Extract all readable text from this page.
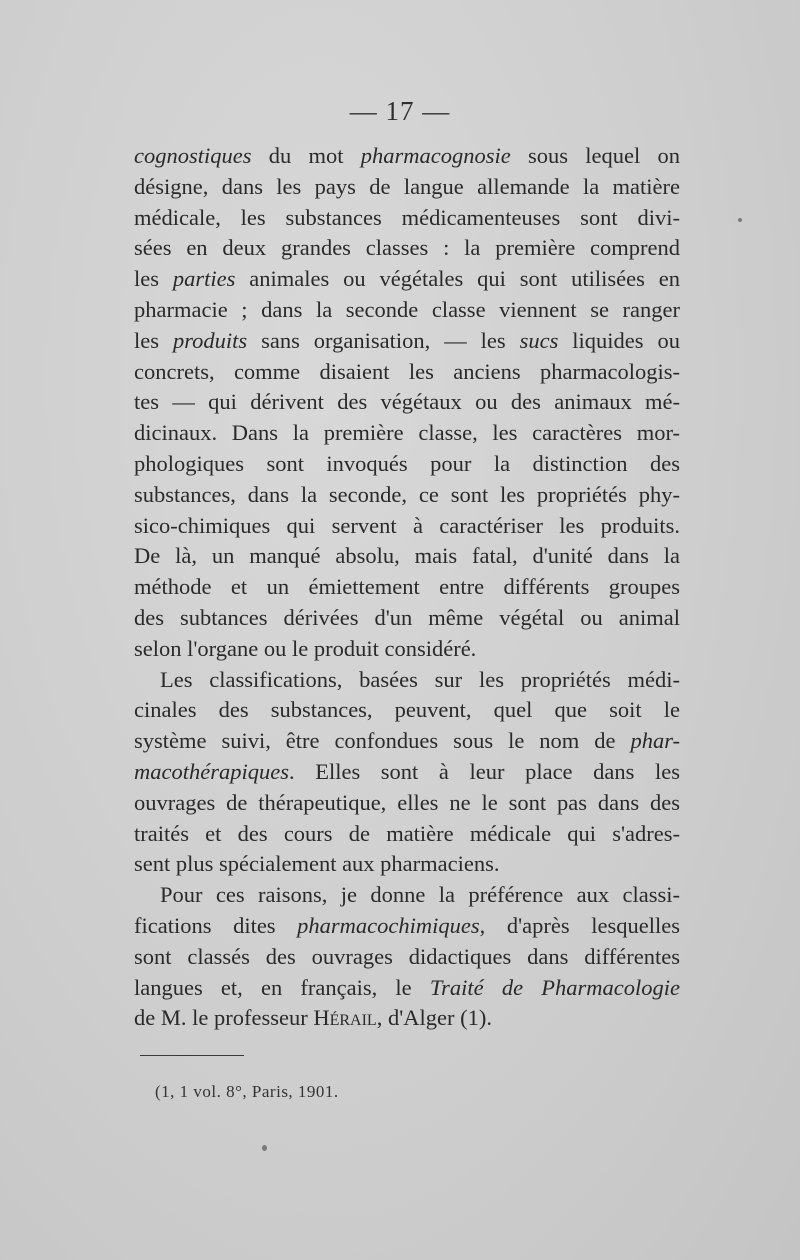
— 17 —
cognostiques du mot pharmacognosie sous lequel on
désigne, dans les pays de langue allemande la matière
médicale, les substances médicamenteuses sont divi-
sées en deux grandes classes : la première comprend
les parties animales ou végétales qui sont utilisées en
pharmacie ; dans la seconde classe viennent se ranger
les produits sans organisation, — les sucs liquides ou
concrets, comme disaient les anciens pharmacologis-
tes — qui dérivent des végétaux ou des animaux mé-
dicinaux. Dans la première classe, les caractères mor-
phologiques sont invoqués pour la distinction des
substances, dans la seconde, ce sont les propriétés phy-
sico-chimiques qui servent à caractériser les produits.
De là, un manqué absolu, mais fatal, d'unité dans la
méthode et un émiettement entre différents groupes
des subtances dérivées d'un même végétal ou animal
selon l'organe ou le produit considéré.
Les classifications, basées sur les propriétés médi-
cinales des substances, peuvent, quel que soit le
système suivi, être confondues sous le nom de phar-
macothérapiques. Elles sont à leur place dans les
ouvrages de thérapeutique, elles ne le sont pas dans des
traités et des cours de matière médicale qui s'adres-
sent plus spécialement aux pharmaciens.
Pour ces raisons, je donne la préférence aux classi-
fications dites pharmacochimiques, d'après lesquelles
sont classés des ouvrages didactiques dans différentes
langues et, en français, le Traité de Pharmacologie
de M. le professeur Hérail, d'Alger (1).
(1, 1 vol. 8°, Paris, 1901.
